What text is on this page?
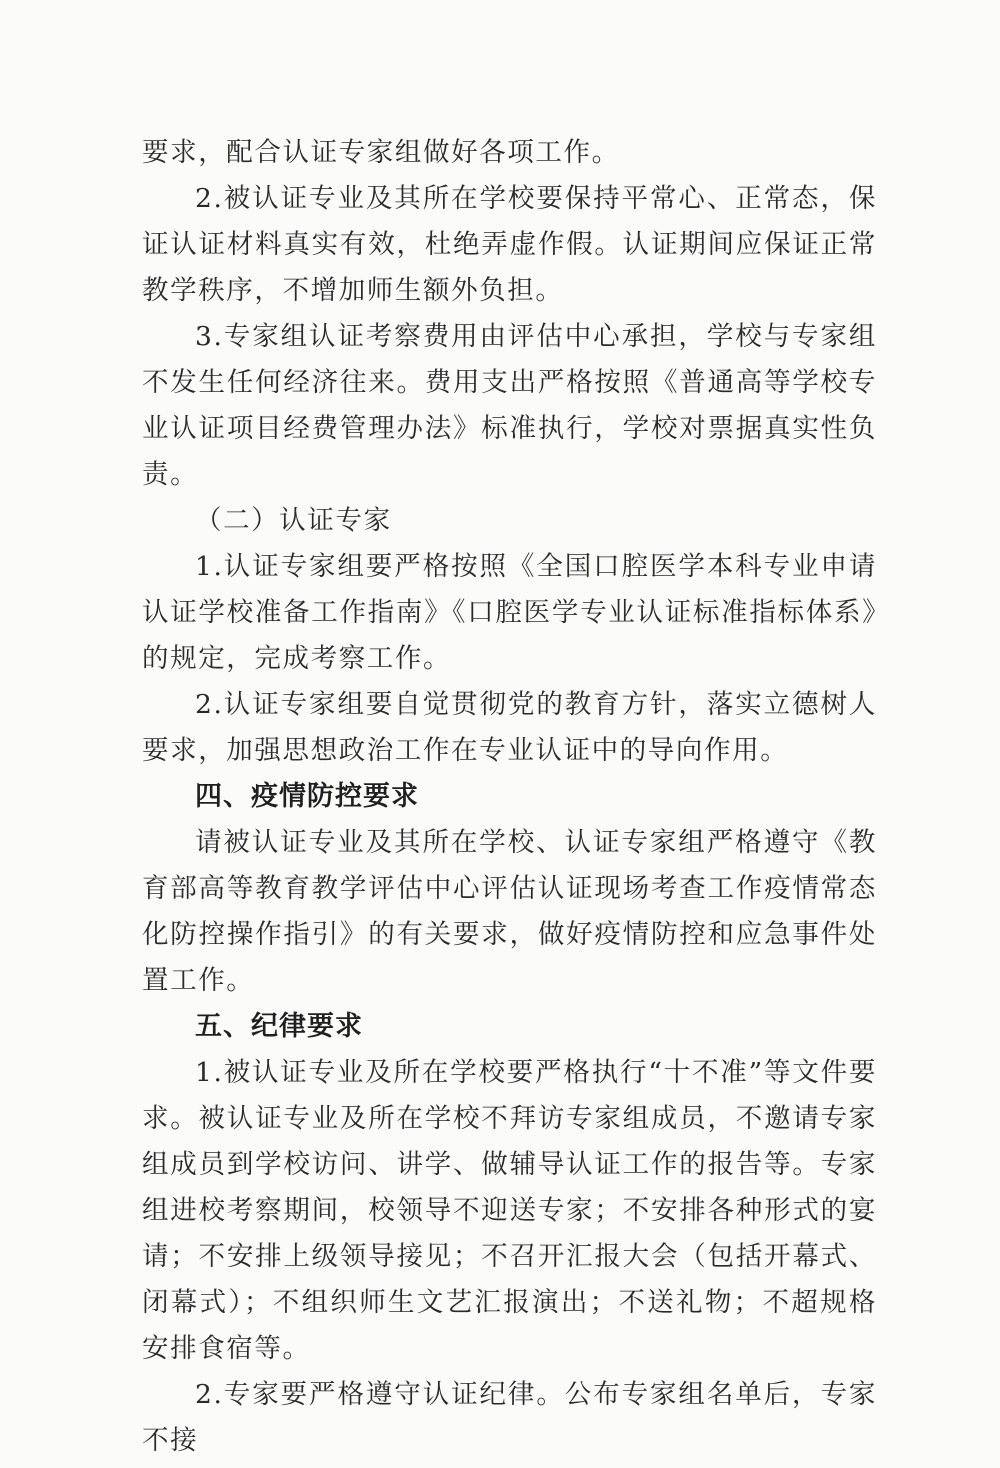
要求，配合认证专家组做好各项工作。

2.被认证专业及其所在学校要保持平常心、正常态，保证认证材料真实有效，杜绝弄虚作假。认证期间应保证正常教学秩序，不增加师生额外负担。

3.专家组认证考察费用由评估中心承担，学校与专家组不发生任何经济往来。费用支出严格按照《普通高等学校专业认证项目经费管理办法》标准执行，学校对票据真实性负责。

（二）认证专家

1.认证专家组要严格按照《全国口腔医学本科专业申请认证学校准备工作指南》《口腔医学专业认证标准指标体系》的规定，完成考察工作。

2.认证专家组要自觉贯彻党的教育方针，落实立德树人要求，加强思想政治工作在专业认证中的导向作用。

四、疫情防控要求

请被认证专业及其所在学校、认证专家组严格遵守《教育部高等教育教学评估中心评估认证现场考查工作疫情常态化防控操作指引》的有关要求，做好疫情防控和应急事件处置工作。

五、纪律要求

1.被认证专业及所在学校要严格执行“十不准”等文件要求。被认证专业及所在学校不拜访专家组成员，不邀请专家组成员到学校访问、讲学、做辅导认证工作的报告等。专家组进校考察期间，校领导不迎送专家；不安排各种形式的宴请；不安排上级领导接见；不召开汇报大会（包括开幕式、闭幕式）；不组织师生文艺汇报演出；不送礼物；不超规格安排食宿等。

2.专家要严格遵守认证纪律。公布专家组名单后，专家不接
